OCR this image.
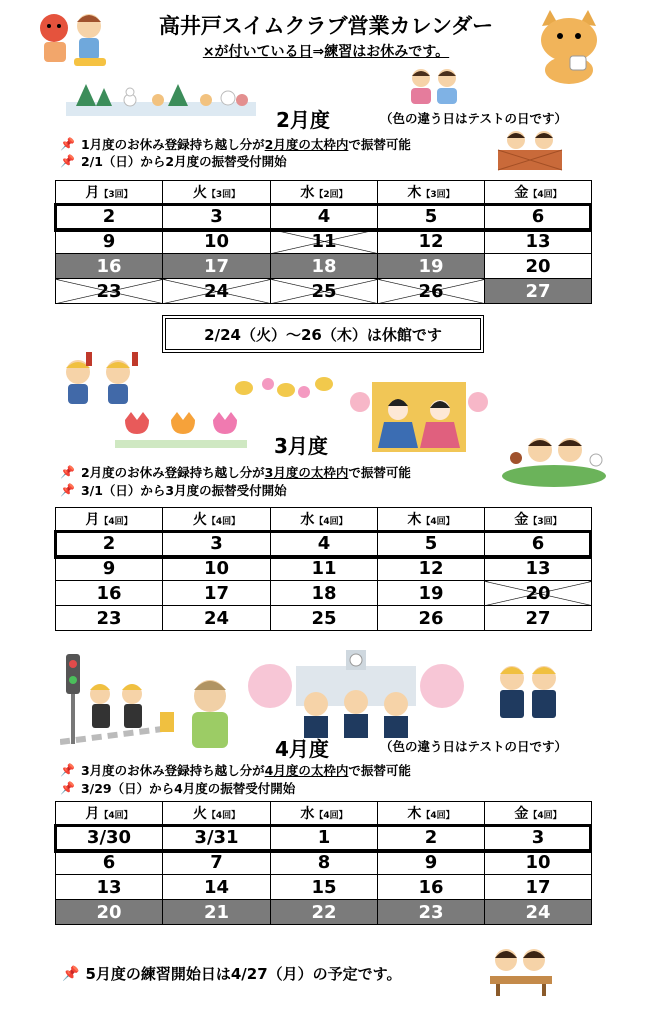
高井戸スイムクラブ営業カレンダー
×が付いている日⇒練習はお休みです。
2月度	（色の違う日はテストの日です）
📌 1月度のお休み登録持ち越し分が2月度の太枠内で振替可能
📌 2/1（日）から2月度の振替受付開始
月【3回】	火【3回】	水【2回】	木【3回】	金【4回】
2	3	4	5	6
9	10	11	12	13
16	17	18	19	20
23	24	25	26	27
2/24（火）～26（木）は休館です
3月度
📌 2月度のお休み登録持ち越し分が3月度の太枠内で振替可能
📌 3/1（日）から3月度の振替受付開始
月【4回】	火【4回】	水【4回】	木【4回】	金【3回】
2	3	4	5	6
9	10	11	12	13
16	17	18	19	20
23	24	25	26	27
4月度	（色の違う日はテストの日です）
📌 3月度のお休み登録持ち越し分が4月度の太枠内で振替可能
📌 3/29（日）から4月度の振替受付開始
月【4回】	火【4回】	水【4回】	木【4回】	金【4回】
3/30	3/31	1	2	3
6	7	8	9	10
13	14	15	16	17
20	21	22	23	24
📌 5月度の練習開始日は4/27（月）の予定です。
